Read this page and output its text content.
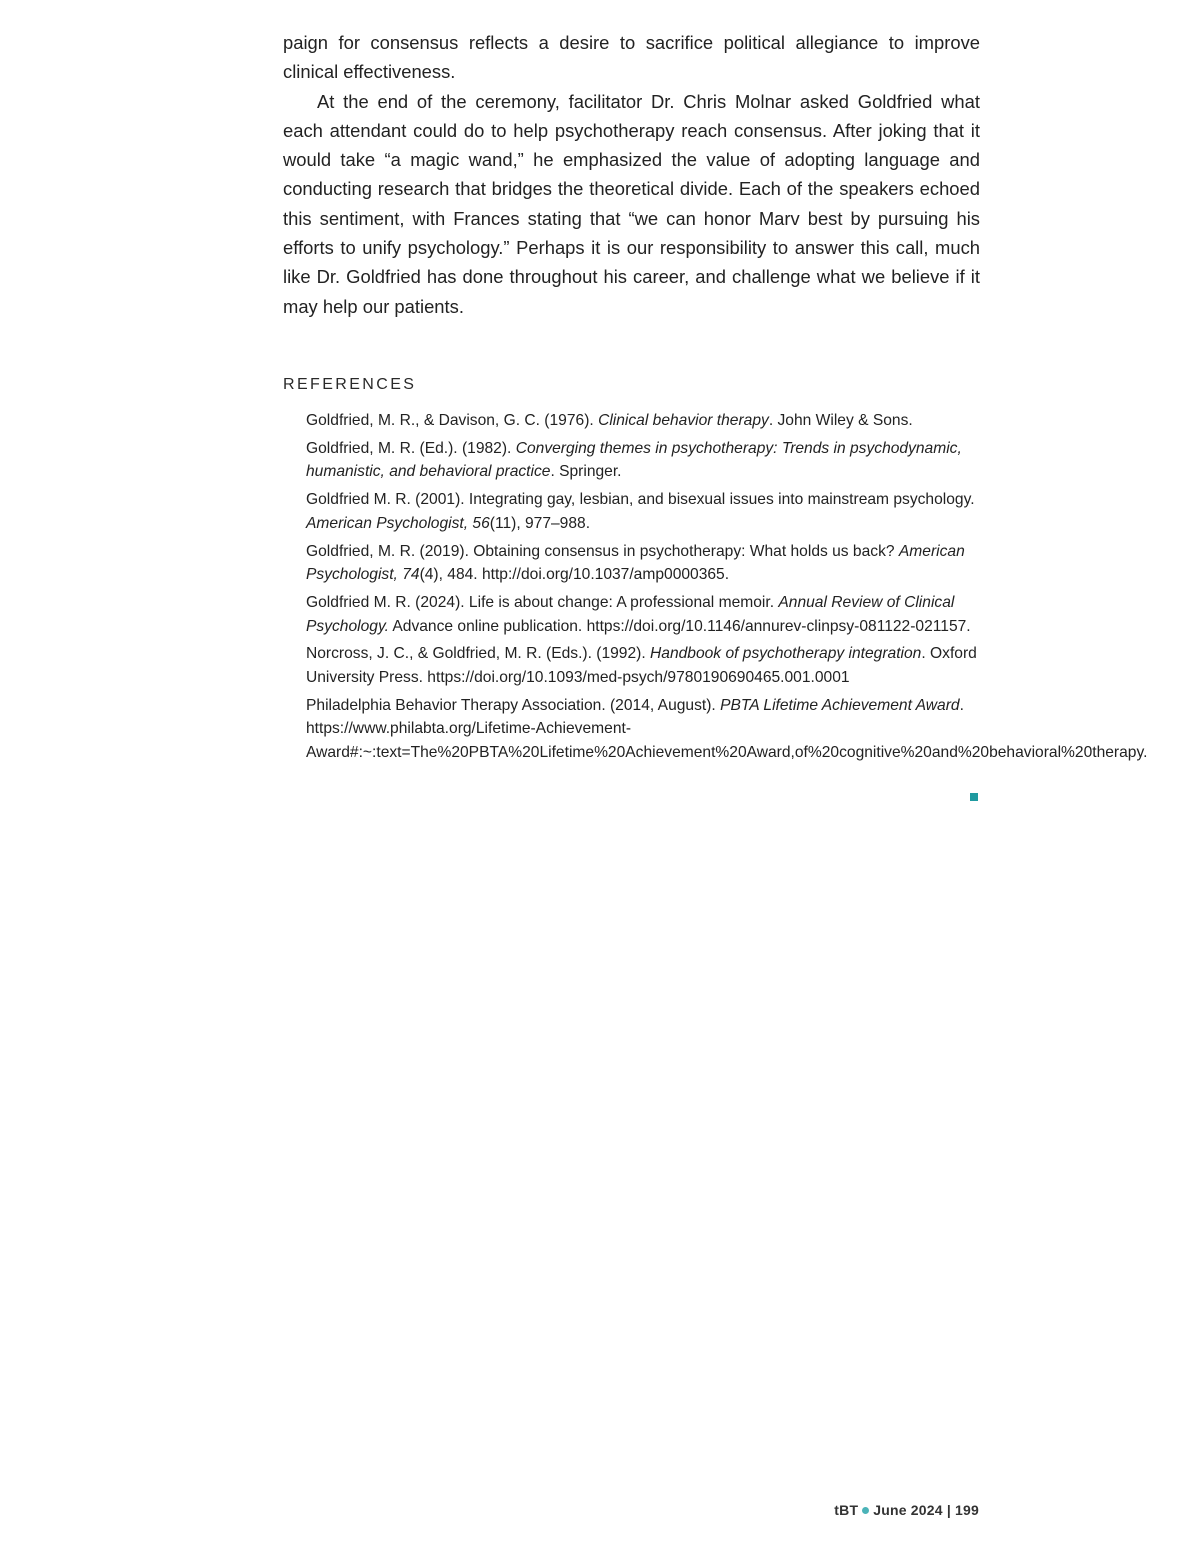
paign for consensus reflects a desire to sacrifice political allegiance to improve clinical effectiveness.

At the end of the ceremony, facilitator Dr. Chris Molnar asked Goldfried what each attendant could do to help psychotherapy reach consensus. After joking that it would take “a magic wand,” he emphasized the value of adopting language and conducting research that bridges the theoretical divide. Each of the speakers echoed this sentiment, with Frances stating that “we can honor Marv best by pursuing his efforts to unify psychology.” Perhaps it is our responsibility to answer this call, much like Dr. Goldfried has done throughout his career, and challenge what we believe if it may help our patients.

REFERENCES

Goldfried, M. R., & Davison, G. C. (1976). Clinical behavior therapy. John Wiley & Sons.

Goldfried, M. R. (Ed.). (1982). Converging themes in psychotherapy: Trends in psychodynamic, humanistic, and behavioral practice. Springer.

Goldfried M. R. (2001). Integrating gay, lesbian, and bisexual issues into mainstream psychology. American Psychologist, 56(11), 977–988.

Goldfried, M. R. (2019). Obtaining consensus in psychotherapy: What holds us back? American Psychologist, 74(4), 484. http://doi.org/10.1037/amp0000365.

Goldfried M. R. (2024). Life is about change: A professional memoir. Annual Review of Clinical Psychology. Advance online publication. https://doi.org/10.1146/annurev-clinpsy-081122-021157.

Norcross, J. C., & Goldfried, M. R. (Eds.). (1992). Handbook of psychotherapy integration. Oxford University Press. https://doi.org/10.1093/med-psych/9780190690465.001.0001

Philadelphia Behavior Therapy Association. (2014, August). PBTA Lifetime Achievement Award. https://www.philabta.org/Lifetime-Achievement-Award#:~:text=The%20PBTA%20Lifetime%20Achievement%20Award,of%20cognitive%20and%20behavioral%20therapy.

tBT June 2024 | 199
